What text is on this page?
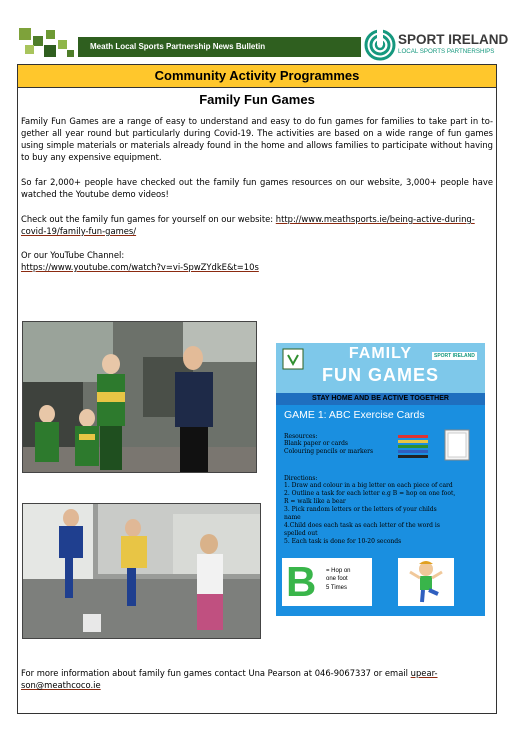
Meath Local Sports Partnership News Bulletin	SPORT IRELAND
LOCAL SPORTS PARTNERSHIPS
Community Activity Programmes
Family Fun Games

Family Fun Games are a range of easy to understand and easy to do fun games for families to take part in to-

gether all year round but particularly during Covid-19. The activities are based on a wide range of fun games

using simple materials or materials already found in the home and allows families to participate without having

to buy any expensive equipment.

So far 2,000+ people have checked out the family fun games resources on our website, 3,000+ people have

watched the Youtube demo videos!

Check out the family fun games for yourself on our website: http://www.meathsports.ie/being-active-during-

covid-19/family-fun-games/

Or our YouTube Channel:

https://www.youtube.com/watch?v=vi-SpwZYdkE&t=10s

SPORT IRELAND
FAMILY
FUN GAMES
STAY HOME AND BE ACTIVE TOGETHER
GAME 1: ABC Exercise Cards
Resources:
Blank paper or cards
Colouring pencils or markers
Directions:
1. Draw and colour in a big letter on each piece of card
2. Outline a task for each letter e.g B = hop on one foot,
R = walk like a bear
3. Pick random letters or the letters of your childs
name
4.Child does each task as each letter of the word is
spelled out
5. Each task is done for 10-20 seconds
B = Hop on
one foot
5 Times

For more information about family fun games contact Una Pearson at 046-9067337 or email upear-

son@meathcoco.ie
